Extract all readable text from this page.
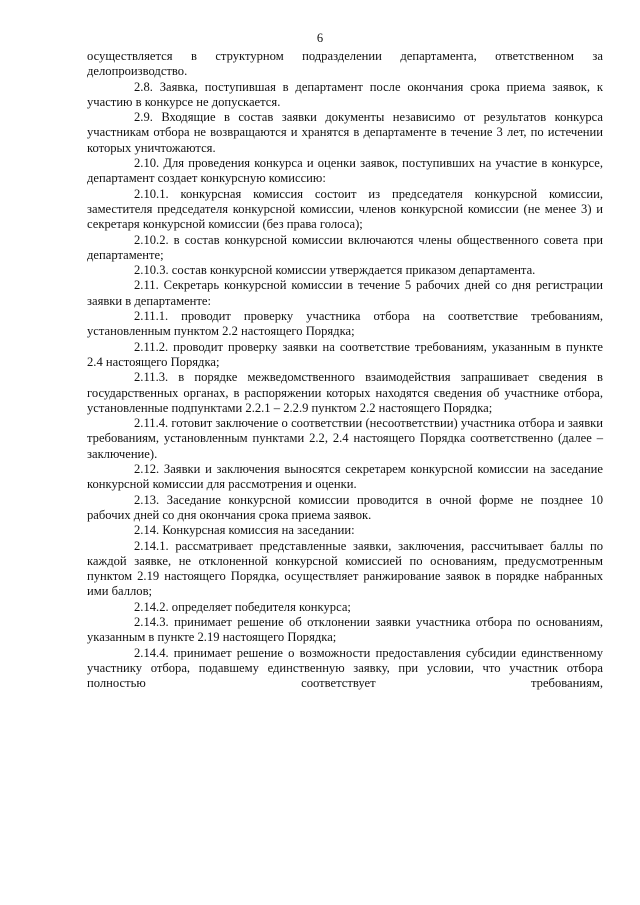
6

осуществляется в структурном подразделении департамента, ответственном за делопроизводство.

2.8. Заявка, поступившая в департамент после окончания срока приема заявок, к участию в конкурсе не допускается.

2.9. Входящие в состав заявки документы независимо от результатов конкурса участникам отбора не возвращаются и хранятся в департаменте в течение 3 лет, по истечении которых уничтожаются.

2.10. Для проведения конкурса и оценки заявок, поступивших на участие в конкурсе, департамент создает конкурсную комиссию:

2.10.1. конкурсная комиссия состоит из председателя конкурсной комиссии, заместителя председателя конкурсной комиссии, членов конкурсной комиссии (не менее 3) и секретаря конкурсной комиссии (без права голоса);

2.10.2. в состав конкурсной комиссии включаются члены общественного совета при департаменте;

2.10.3. состав конкурсной комиссии утверждается приказом департамента.

2.11. Секретарь конкурсной комиссии в течение 5 рабочих дней со дня регистрации заявки в департаменте:

2.11.1. проводит проверку участника отбора на соответствие требованиям, установленным пунктом 2.2 настоящего Порядка;

2.11.2. проводит проверку заявки на соответствие требованиям, указанным в пункте 2.4 настоящего Порядка;

2.11.3. в порядке межведомственного взаимодействия запрашивает сведения в государственных органах, в распоряжении которых находятся сведения об участнике отбора, установленные подпунктами 2.2.1 – 2.2.9 пунктом 2.2 настоящего Порядка;

2.11.4. готовит заключение о соответствии (несоответствии) участника отбора и заявки требованиям, установленным пунктами 2.2, 2.4 настоящего Порядка соответственно (далее – заключение).

2.12. Заявки и заключения выносятся секретарем конкурсной комиссии на заседание конкурсной комиссии для рассмотрения и оценки.

2.13. Заседание конкурсной комиссии проводится в очной форме не позднее 10 рабочих дней со дня окончания срока приема заявок.

2.14. Конкурсная комиссия на заседании:

2.14.1. рассматривает представленные заявки, заключения, рассчитывает баллы по каждой заявке, не отклоненной конкурсной комиссией по основаниям, предусмотренным пунктом 2.19 настоящего Порядка, осуществляет ранжирование заявок в порядке набранных ими баллов;

2.14.2. определяет победителя конкурса;

2.14.3. принимает решение об отклонении заявки участника отбора по основаниям, указанным в пункте 2.19 настоящего Порядка;

2.14.4. принимает решение о возможности предоставления субсидии единственному участнику отбора, подавшему единственную заявку, при условии, что участник отбора полностью соответствует требованиям,
